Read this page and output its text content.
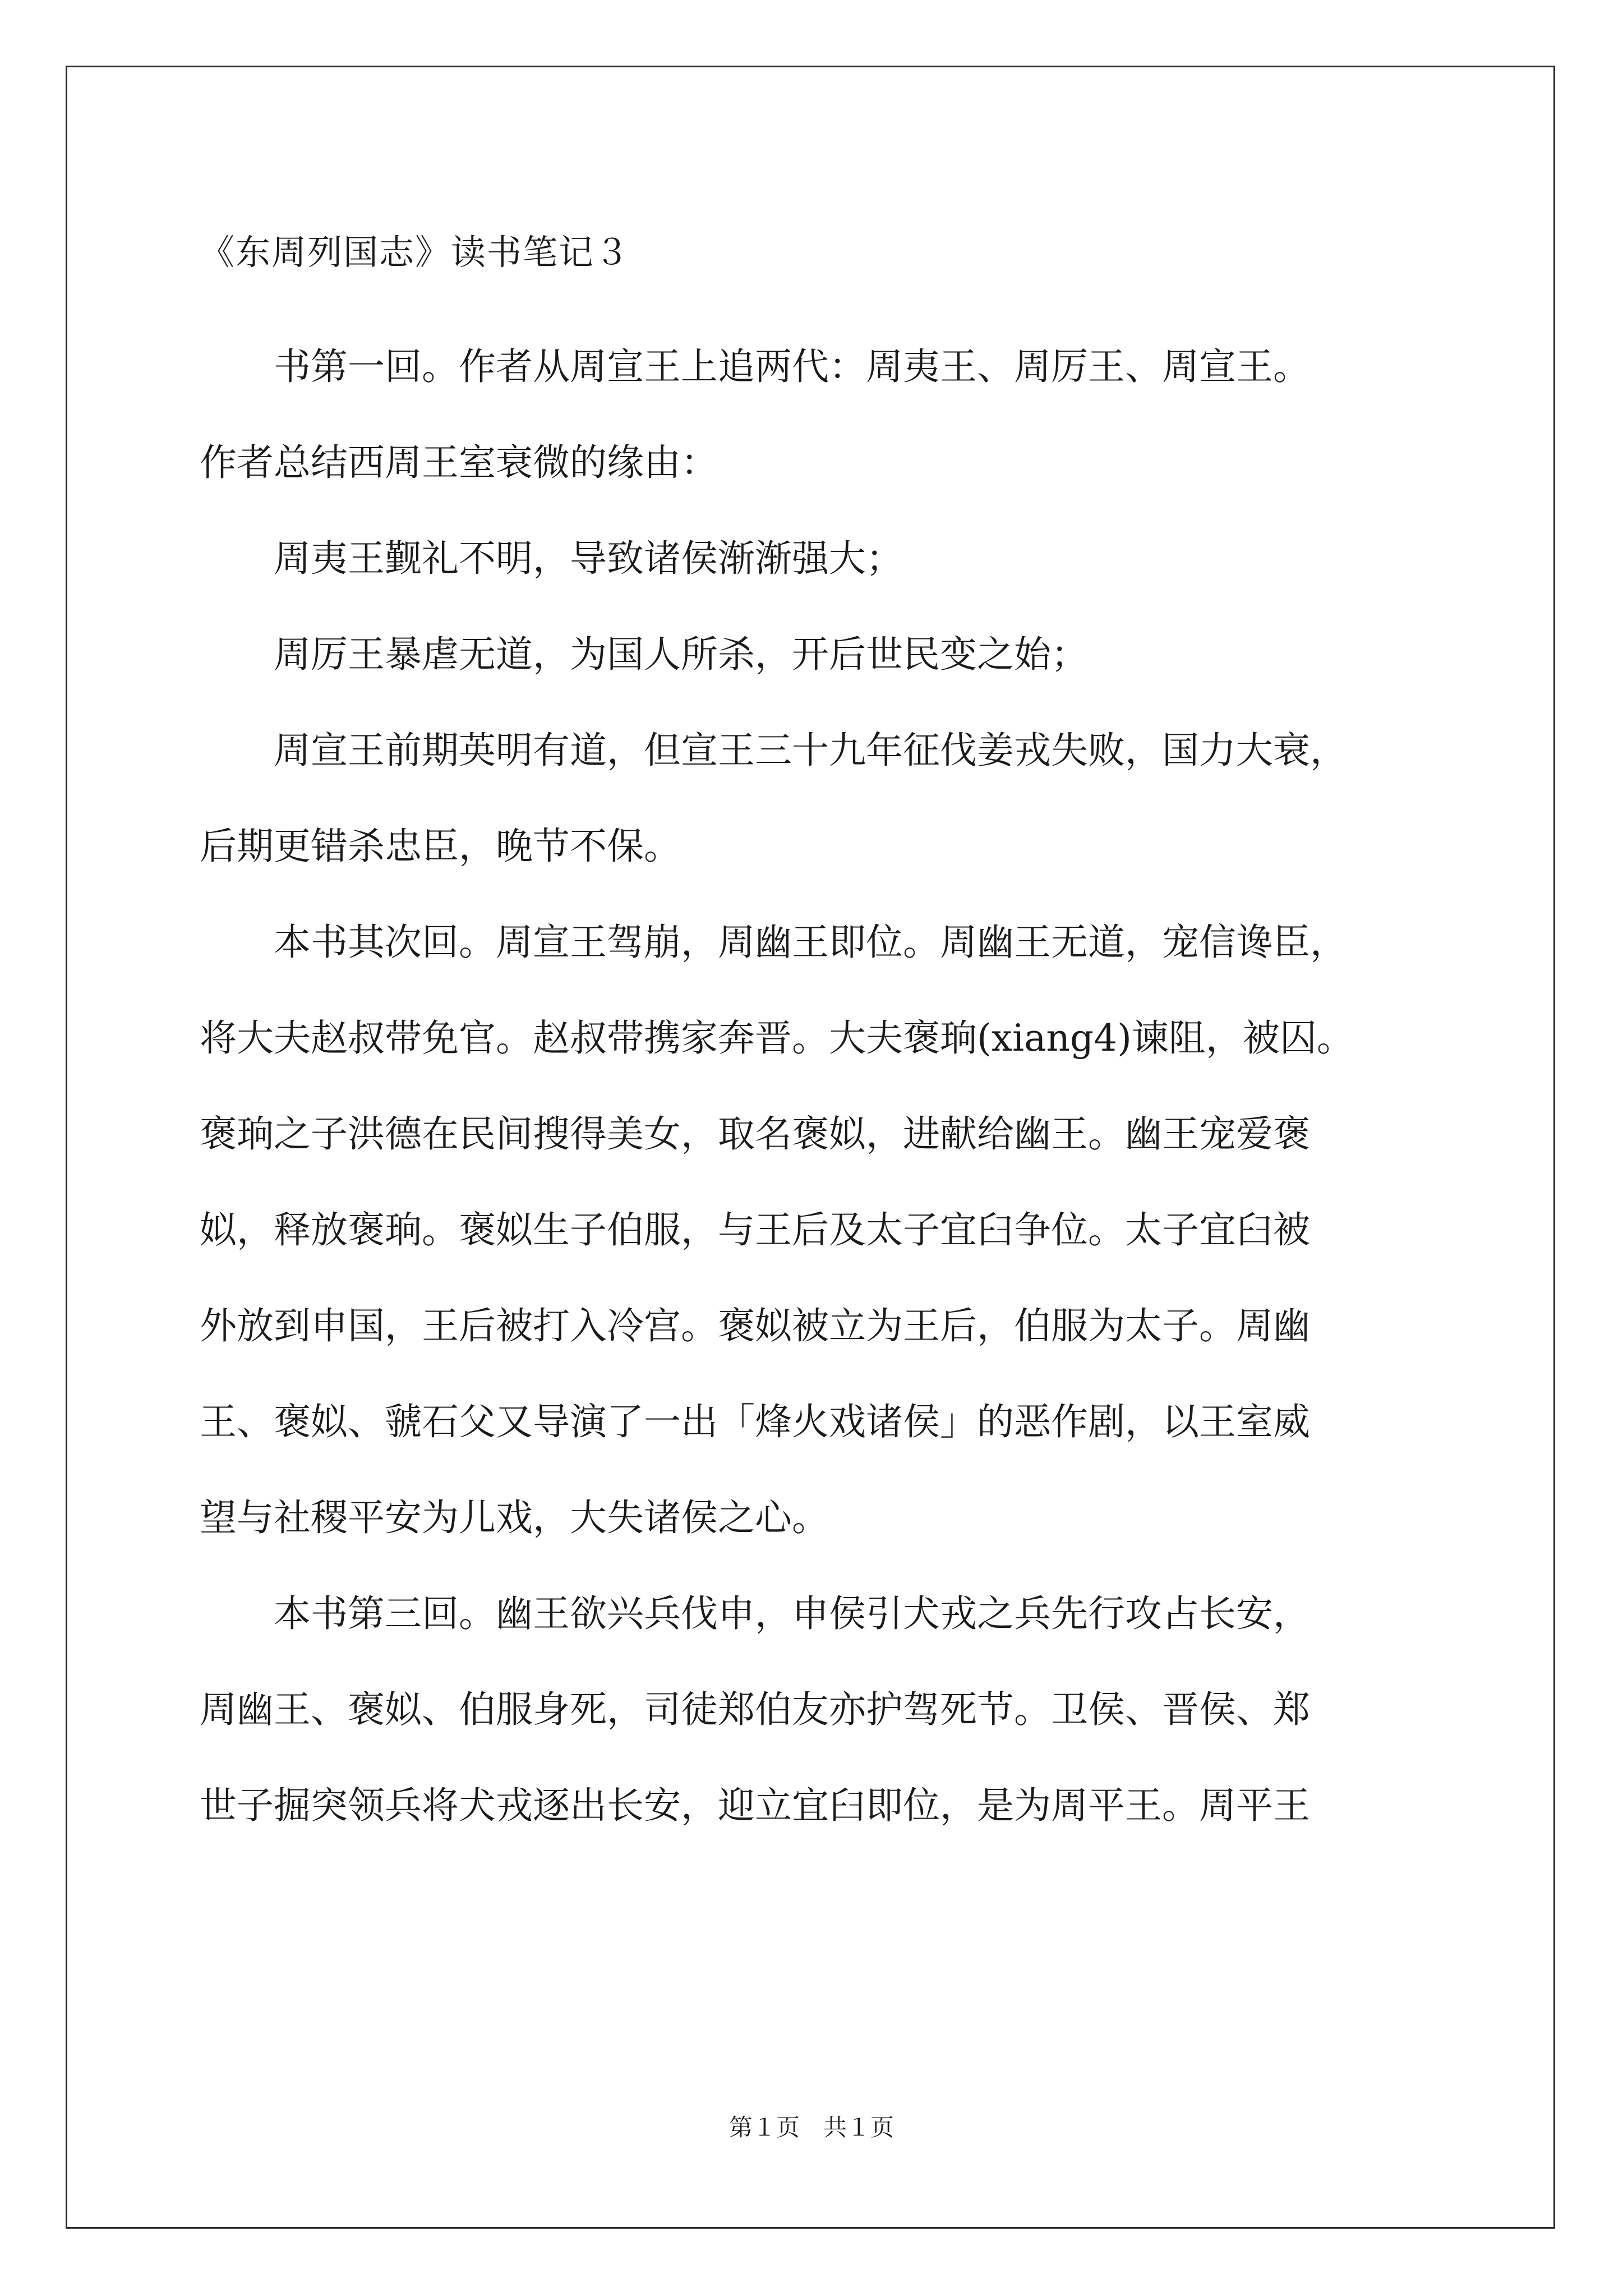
《东周列国志》读书笔记３
　　书第一回。作者从周宣王上追两代：周夷王、周厉王、周宣王。
作者总结西周王室衰微的缘由：
　　周夷王觐礼不明，导致诸侯渐渐强大；
　　周厉王暴虐无道，为国人所杀，开后世民变之始；
　　周宣王前期英明有道，但宣王三十九年征伐姜戎失败，国力大衰，
后期更错杀忠臣，晚节不保。
　　本书其次回。周宣王驾崩，周幽王即位。周幽王无道，宠信谗臣，
将大夫赵叔带免官。赵叔带携家奔晋。大夫褒珦(xiang4)谏阻，被囚。
褒珦之子洪德在民间搜得美女，取名褒姒，进献给幽王。幽王宠爱褒
姒，释放褒珦。褒姒生子伯服，与王后及太子宜臼争位。太子宜臼被
外放到申国，王后被打入冷宫。褒姒被立为王后，伯服为太子。周幽
王、褒姒、虢石父又导演了一出「烽火戏诸侯」的恶作剧，以王室威
望与社稷平安为儿戏，大失诸侯之心。
　　本书第三回。幽王欲兴兵伐申，申侯引犬戎之兵先行攻占长安，
周幽王、褒姒、伯服身死，司徒郑伯友亦护驾死节。卫侯、晋侯、郑
世子掘突领兵将犬戎逐出长安，迎立宜臼即位，是为周平王。周平王
第１页　共１页
